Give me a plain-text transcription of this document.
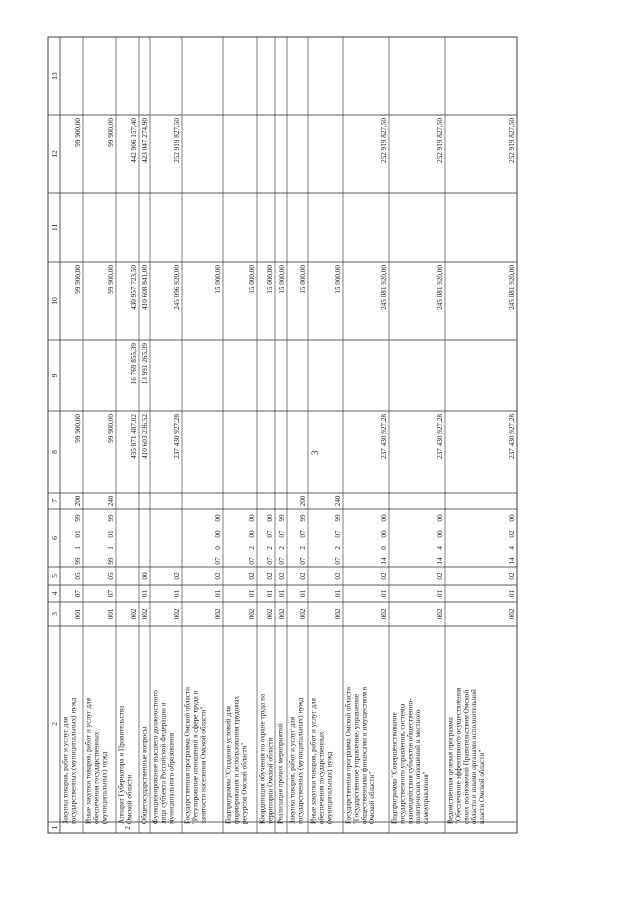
3
1
2
3
4
5
6
7
8
9
10
11
12
13
Закупка товаров, работ и услуг для государственных (муниципальных) нужд
001
07
05
99
1
01
99
200
99 900,00
99 900,00
99 900,00
Иные закупки товаров, работ и услуг для обеспечения государственных (муниципальных) нужд
001
07
05
99
1
01
99
240
99 900,00
99 900,00
99 900,00
Аппарат Губернатора и Правительства Омской области
002
435 871 487,02
16 769 855,39
430 957 723,50
442 906 157,40
2
Общегосударственные вопросы
002
01
00
410 603 236,52
13 991 265,39
410 608 841,00
423 047 274,90
Функционирование высшего должностного лица субъекта Российской Федерации и муниципального образования
002
01
02
237 430 927,28
245 096 920,00
252 919 827,50
Государственная программа Омской области "Регулирование отношений в сфере труда и занятости населения Омской области"
002
01
02
07
0
00
00
15 000,00
Подпрограмма "Создание условий для формирования и использования трудовых ресурсов Омской области"
002
01
02
07
2
00
00
15 000,00
Координация обучения по охране труда на территории Омской области
002
01
02
07
2
07
00
15 000,00
Реализация прочих мероприятий
002
01
02
07
2
07
99
15 000,00
Закупка товаров, работ и услуг для государственных (муниципальных) нужд
002
01
02
07
2
07
99
200
15 000,00
Иные закупки товаров, работ и услуг для обеспечения государственных (муниципальных) нужд
002
01
02
07
2
07
99
240
15 000,00
Государственная программа Омской области "Государственное управление, управление общественными финансами и имуществом в Омской области"
002
01
02
14
0
00
00
237 430 927,28
245 081 920,00
252 919 827,50
Подпрограмма "Совершенствование государственного управления, системы взаимодействия субъектов общественно- политических отношений и местного самоуправления"
002
01
02
14
4
00
00
237 430 927,28
245 081 920,00
252 919 827,50
Ведомственная целевая программа "Обеспечение эффективного осуществления своих полномочий Правительством Омской области и иными органами исполнительной власти Омской области"
002
01
02
14
4
02
00
237 430 927,28
245 081 920,00
252 919 827,50
